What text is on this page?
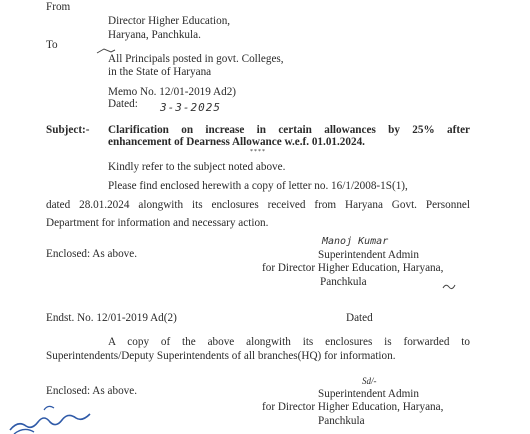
From
Director Higher Education,
Haryana, Panchkula.
To
All Principals posted in govt. Colleges,
in the State of Haryana
Memo No. 12/01-2019 Ad2)
Dated: 3-3-2025
Subject:- Clarification on increase in certain allowances by 25% after
enhancement of Dearness Allowance w.e.f. 01.01.2024.
****
Kindly refer to the subject noted above.
Please find enclosed herewith a copy of letter no. 16/1/2008-1S(1),
dated 28.01.2024 alongwith its enclosures received from Haryana Govt. Personnel
Department for information and necessary action.
Manoj Kumar
Enclosed: As above.	Superintendent Admin
for Director Higher Education, Haryana,
Panchkula
Endst. No. 12/01-2019 Ad(2)	Dated
A copy of the above alongwith its enclosures is forwarded to
Superintendents/Deputy Superintendents of all branches(HQ) for information.
Sd/-
Enclosed: As above.	Superintendent Admin
for Director Higher Education, Haryana,
Panchkula
